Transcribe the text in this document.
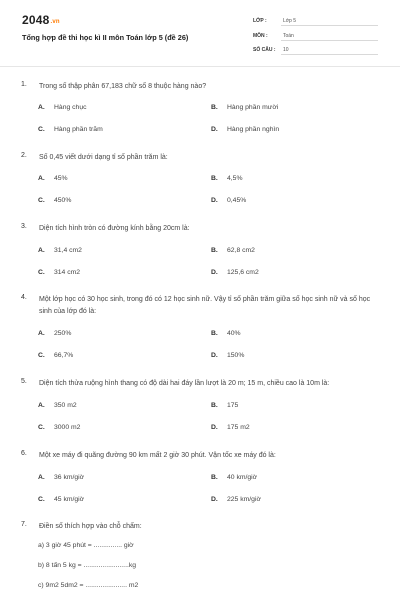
2048.vn
Tổng hợp đề thi học kì II môn Toán lớp 5 (đề 26)
LỚP :	Lớp 5
MÔN :	Toán
SỐ CÂU : 10
1. Trong số thập phân 67,183 chữ số 8 thuộc hàng nào?
A. Hàng chục	B. Hàng phần mười
C. Hàng phần trăm	D. Hàng phần nghìn
2. Số 0,45 viết dưới dạng tỉ số phần trăm là:
A. 45%	B. 4,5%
C. 450%	D. 0,45%
3. Diện tích hình tròn có đường kính bằng 20cm là:
A. 31,4 cm2	B. 62,8 cm2
C. 314 cm2	D. 125,6 cm2
4. Một lớp học có 30 học sinh, trong đó có 12 học sinh nữ. Vậy tỉ số phần trăm giữa số học sinh nữ và số học sinh của lớp đó là:
A. 250%	B. 40%
C. 66,7%	D. 150%
5. Diện tích thửa ruộng hình thang có độ dài hai đáy lần lượt là 20 m; 15 m, chiều cao là 10m là:
A. 350 m2	B. 175
C. 3000 m2	D. 175 m2
6. Một xe máy đi quãng đường 90 km mất 2 giờ 30 phút. Vận tốc xe máy đó là:
A. 36 km/giờ	B. 40 km/giờ
C. 45 km/giờ	D. 225 km/giờ
7. Điền số thích hợp vào chỗ chấm:
a) 3 giờ 45 phút = ............... giờ
b) 8 tấn 5 kg = ........................kg
c) 9m2 5dm2 = ...................... m2
